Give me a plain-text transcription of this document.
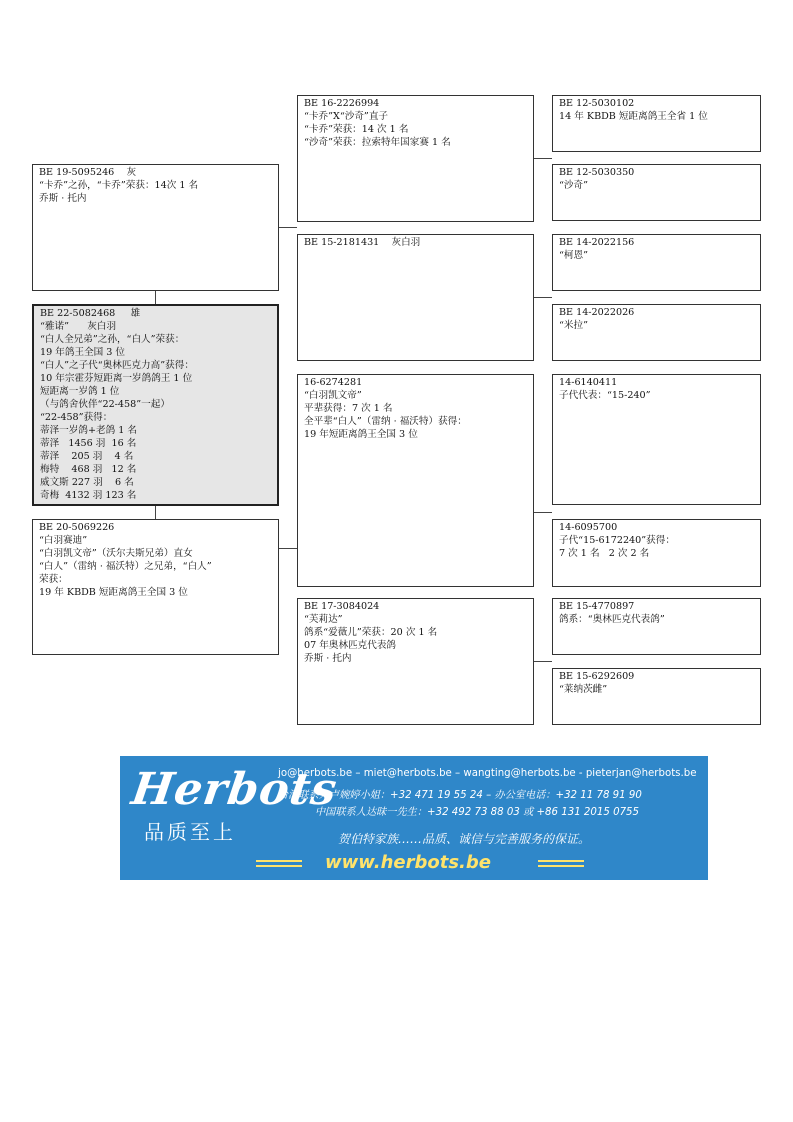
BE 19-5095246    灰
“卡乔”之孙，“卡乔”荣获：14次 1 名
乔斯 · 托内
BE 22-5082468     雄
“雅诺”      灰白羽
“白人全兄弟”之孙，“白人”荣获：
19 年鸽王全国 3 位
“白人”之子代“奥林匹克力高”获得：
10 年宗霍芬短距离一岁鸽鸽王 1 位
短距离一岁鸽 1 位
（与鸽舍伙伴“22-458”一起）
“22-458”获得：
蒂泽一岁鸽+老鸽 1 名
蒂泽   1456 羽  16 名
蒂泽    205 羽    4 名
梅特    468 羽   12 名
威文斯 227 羽    6 名
奇梅  4132 羽 123 名
BE 20-5069226
“白羽赛迪”
“白羽凯文帝”（沃尔夫斯兄弟）直女
“白人”（雷纳 · 福沃特）之兄弟，“白人”
荣获：
19 年 KBDB 短距离鸽王全国 3 位
BE 16-2226994
“卡乔”X“沙奇”直子
“卡乔”荣获：14 次 1 名
“沙奇”荣获：拉索特年国家赛 1 名
BE 15-2181431    灰白羽
16-6274281
“白羽凯文帝”
平辈获得：7 次 1 名
全平辈“白人”（雷纳 · 福沃特）获得：
19 年短距离鸽王全国 3 位
BE 17-3084024
“芙莉达”
鸽系“爱薇儿”荣获：20 次 1 名
07 年奥林匹克代表鸽
乔斯 · 托内
BE 12-5030102
14 年 KBDB 短距离鸽王全省 1 位
BE 12-5030350
“沙奇”
BE 14-2022156
“柯恩”
BE 14-2022026
“米拉”
14-6140411
子代代表：“15-240”
14-6095700
子代“15-6172240”获得：
7 次 1 名   2 次 2 名
BE 15-4770897
鸽系：“奥林匹克代表鸽”
BE 15-6292609
“莱纳茨雌”
Herbots
品质至上
jo@herbots.be – miet@herbots.be – wangting@herbots.be - pieterjan@herbots.be
台湾联系人卢婉婷小姐：+32 471 19 55 24 – 办公室电话：+32 11 78 91 90
中国联系人达昧一先生：+32 492 73 88 03 或 +86 131 2015 0755
贺伯特家族……品质、诚信与完善服务的保证。
www.herbots.be
